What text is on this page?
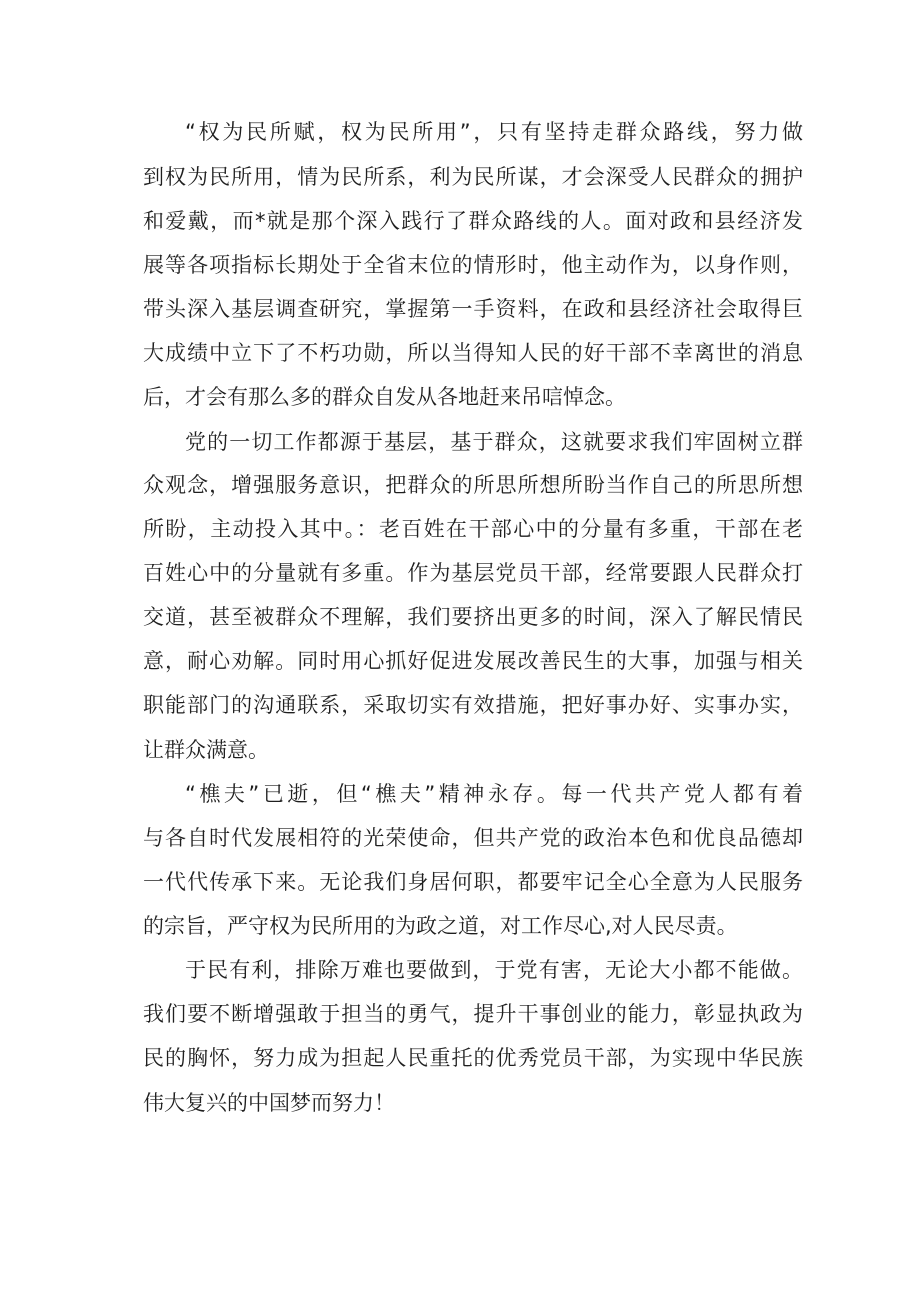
“权为民所赋，权为民所用”，只有坚持走群众路线，努力做

到权为民所用，情为民所系，利为民所谋，才会深受人民群众的拥护

和爱戴，而*就是那个深入践行了群众路线的人。面对政和县经济发

展等各项指标长期处于全省末位的情形时，他主动作为，以身作则，

带头深入基层调查研究，掌握第一手资料，在政和县经济社会取得巨

大成绩中立下了不朽功勋，所以当得知人民的好干部不幸离世的消息

后，才会有那么多的群众自发从各地赶来吊唁悼念。

党的一切工作都源于基层，基于群众，这就要求我们牢固树立群

众观念，增强服务意识，把群众的所思所想所盼当作自己的所思所想

所盼，主动投入其中。：老百姓在干部心中的分量有多重，干部在老

百姓心中的分量就有多重。作为基层党员干部，经常要跟人民群众打

交道，甚至被群众不理解，我们要挤出更多的时间，深入了解民情民

意，耐心劝解。同时用心抓好促进发展改善民生的大事，加强与相关

职能部门的沟通联系，采取切实有效措施，把好事办好、实事办实，

让群众满意。

“樵夫”已逝，但“樵夫”精神永存。每一代共产党人都有着

与各自时代发展相符的光荣使命，但共产党的政治本色和优良品德却

一代代传承下来。无论我们身居何职，都要牢记全心全意为人民服务

的宗旨，严守权为民所用的为政之道，对工作尽心,对人民尽责。

于民有利，排除万难也要做到，于党有害，无论大小都不能做。

我们要不断增强敢于担当的勇气，提升干事创业的能力，彰显执政为

民的胸怀，努力成为担起人民重托的优秀党员干部，为实现中华民族

伟大复兴的中国梦而努力！
